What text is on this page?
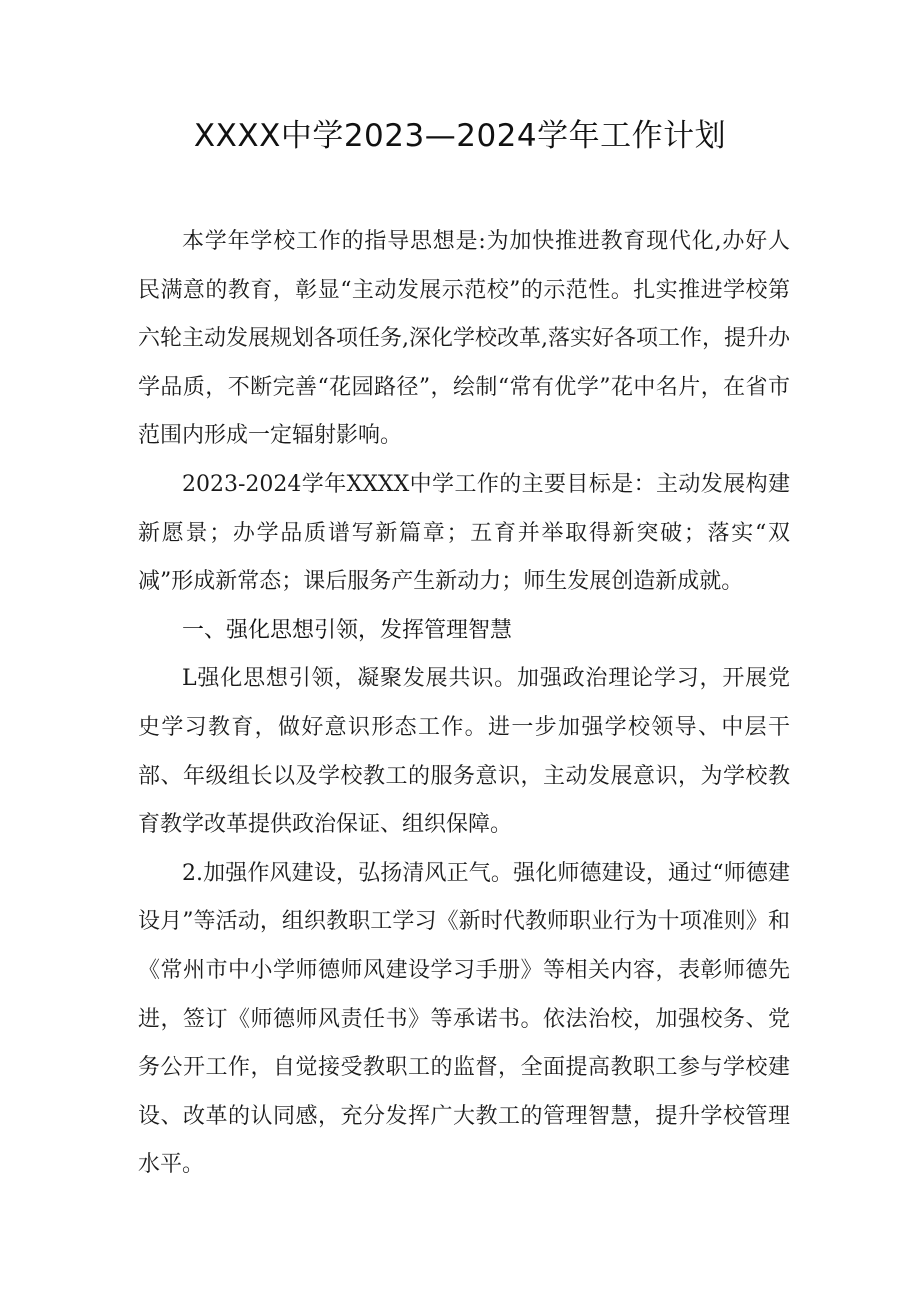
XXXX中学2023—2024学年工作计划

本学年学校工作的指导思想是:为加快推进教育现代化,办好人民满意的教育，彰显“主动发展示范校”的示范性。扎实推进学校第六轮主动发展规划各项任务,深化学校改革,落实好各项工作，提升办学品质，不断完善“花园路径”，绘制“常有优学”花中名片，在省市范围内形成一定辐射影响。

2023-2024学年XXXX中学工作的主要目标是：主动发展构建新愿景；办学品质谱写新篇章；五育并举取得新突破；落实“双减”形成新常态；课后服务产生新动力；师生发展创造新成就。

一、强化思想引领，发挥管理智慧

L强化思想引领，凝聚发展共识。加强政治理论学习，开展党史学习教育，做好意识形态工作。进一步加强学校领导、中层干部、年级组长以及学校教工的服务意识，主动发展意识，为学校教育教学改革提供政治保证、组织保障。

2.加强作风建设，弘扬清风正气。强化师德建设，通过“师德建设月”等活动，组织教职工学习《新时代教师职业行为十项准则》和《常州市中小学师德师风建设学习手册》等相关内容，表彰师德先进，签订《师德师风责任书》等承诺书。依法治校，加强校务、党务公开工作，自觉接受教职工的监督，全面提高教职工参与学校建设、改革的认同感，充分发挥广大教工的管理智慧，提升学校管理水平。
